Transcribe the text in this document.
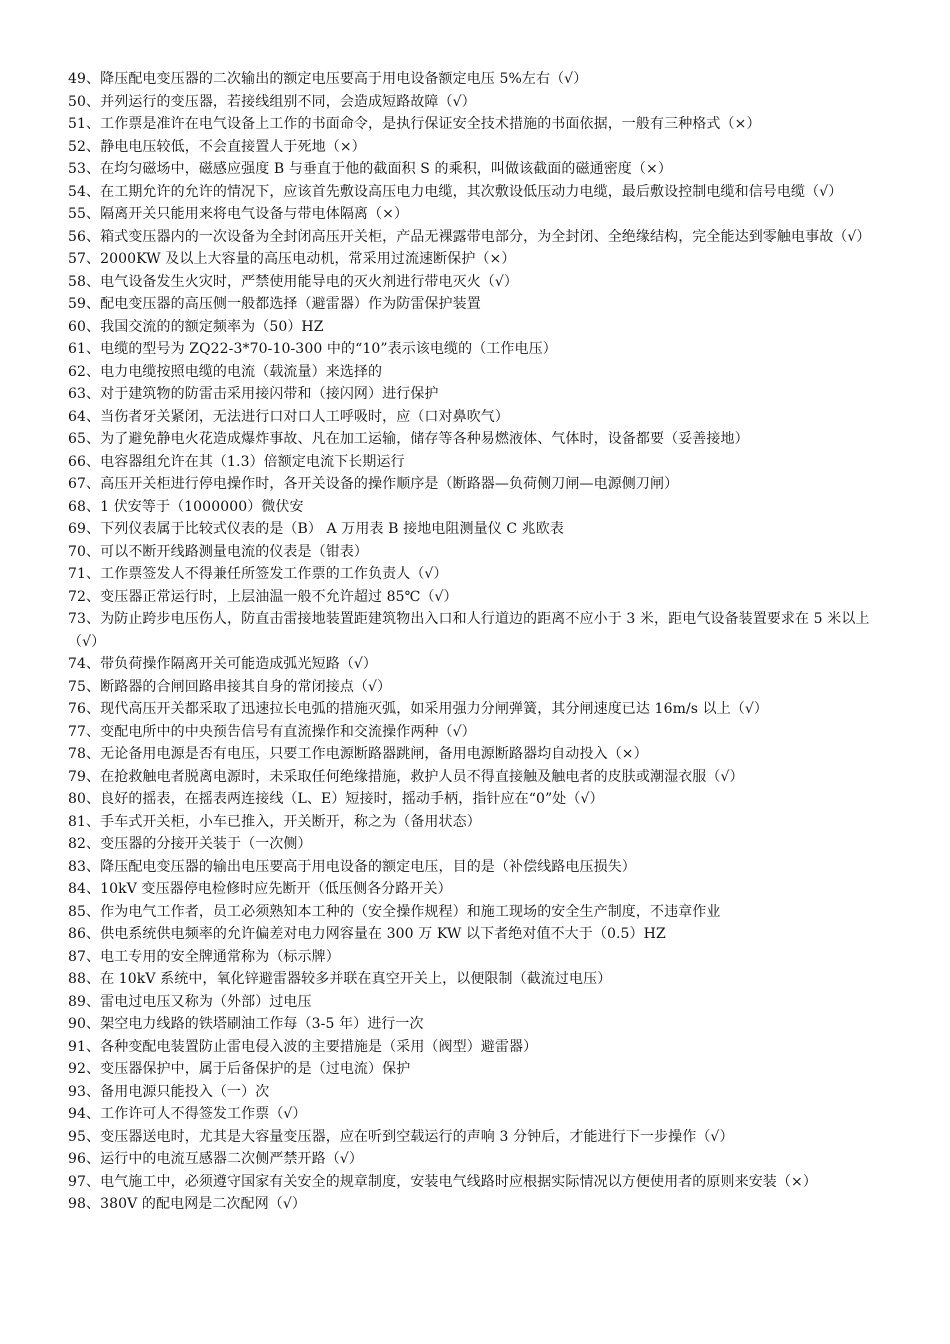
49、降压配电变压器的二次输出的额定电压要高于用电设备额定电压 5%左右（√）

50、并列运行的变压器，若接线组别不同，会造成短路故障（√）

51、工作票是准许在电气设备上工作的书面命令，是执行保证安全技术措施的书面依据，一般有三种格式（×）

52、静电电压较低，不会直接置人于死地（×）

53、在均匀磁场中，磁感应强度 B 与垂直于他的截面积 S 的乘积，叫做该截面的磁通密度（×）

54、在工期允许的允许的情况下，应该首先敷设高压电力电缆，其次敷设低压动力电缆，最后敷设控制电缆和信号电缆（√）

55、隔离开关只能用来将电气设备与带电体隔离（×）

56、箱式变压器内的一次设备为全封闭高压开关柜，产品无裸露带电部分，为全封闭、全绝缘结构，完全能达到零触电事故（√）

57、2000KW 及以上大容量的高压电动机，常采用过流速断保护（×）

58、电气设备发生火灾时，严禁使用能导电的灭火剂进行带电灭火（√）

59、配电变压器的高压侧一般都选择（避雷器）作为防雷保护装置

60、我国交流的的额定频率为（50）HZ

61、电缆的型号为 ZQ22-3*70-10-300 中的“10”表示该电缆的（工作电压）

62、电力电缆按照电缆的电流（载流量）来选择的

63、对于建筑物的防雷击采用接闪带和（接闪网）进行保护

64、当伤者牙关紧闭，无法进行口对口人工呼吸时，应（口对鼻吹气）

65、为了避免静电火花造成爆炸事故、凡在加工运输，储存等各种易燃液体、气体时，设备都要（妥善接地）

66、电容器组允许在其（1.3）倍额定电流下长期运行

67、高压开关柜进行停电操作时，各开关设备的操作顺序是（断路器—负荷侧刀闸—电源侧刀闸）

68、1 伏安等于（1000000）微伏安

69、下列仪表属于比较式仪表的是（B） A 万用表 B 接地电阻测量仪 C 兆欧表

70、可以不断开线路测量电流的仪表是（钳表）

71、工作票签发人不得兼任所签发工作票的工作负责人（√）

72、变压器正常运行时，上层油温一般不允许超过 85℃（√）

73、为防止跨步电压伤人，防直击雷接地装置距建筑物出入口和人行道边的距离不应小于 3 米，距电气设备装置要求在 5 米以上（√）

74、带负荷操作隔离开关可能造成弧光短路（√）

75、断路器的合闸回路串接其自身的常闭接点（√）

76、现代高压开关都采取了迅速拉长电弧的措施灭弧，如采用强力分闸弹簧，其分闸速度已达 16m/s 以上（√）

77、变配电所中的中央预告信号有直流操作和交流操作两种（√）

78、无论备用电源是否有电压，只要工作电源断路器跳闸，备用电源断路器均自动投入（×）

79、在抢救触电者脱离电源时，未采取任何绝缘措施，救护人员不得直接触及触电者的皮肤或潮湿衣服（√）

80、良好的摇表，在摇表两连接线（L、E）短接时，摇动手柄，指针应在“0”处（√）

81、手车式开关柜，小车已推入，开关断开，称之为（备用状态）

82、变压器的分接开关装于（一次侧）

83、降压配电变压器的输出电压要高于用电设备的额定电压，目的是（补偿线路电压损失）

84、10kV 变压器停电检修时应先断开（低压侧各分路开关）

85、作为电气工作者，员工必须熟知本工种的（安全操作规程）和施工现场的安全生产制度，不违章作业

86、供电系统供电频率的允许偏差对电力网容量在 300 万 KW 以下者绝对值不大于（0.5）HZ

87、电工专用的安全牌通常称为（标示牌）

88、在 10kV 系统中，氧化锌避雷器较多并联在真空开关上，以便限制（截流过电压）

89、雷电过电压又称为（外部）过电压

90、架空电力线路的铁塔刷油工作每（3-5 年）进行一次

91、各种变配电装置防止雷电侵入波的主要措施是（采用（阀型）避雷器）

92、变压器保护中，属于后备保护的是（过电流）保护

93、备用电源只能投入（一）次

94、工作许可人不得签发工作票（√）

95、变压器送电时，尤其是大容量变压器，应在听到空载运行的声响 3 分钟后，才能进行下一步操作（√）

96、运行中的电流互感器二次侧严禁开路（√）

97、电气施工中，必须遵守国家有关安全的规章制度，安装电气线路时应根据实际情况以方便使用者的原则来安装（×）

98、380V 的配电网是二次配网（√）
